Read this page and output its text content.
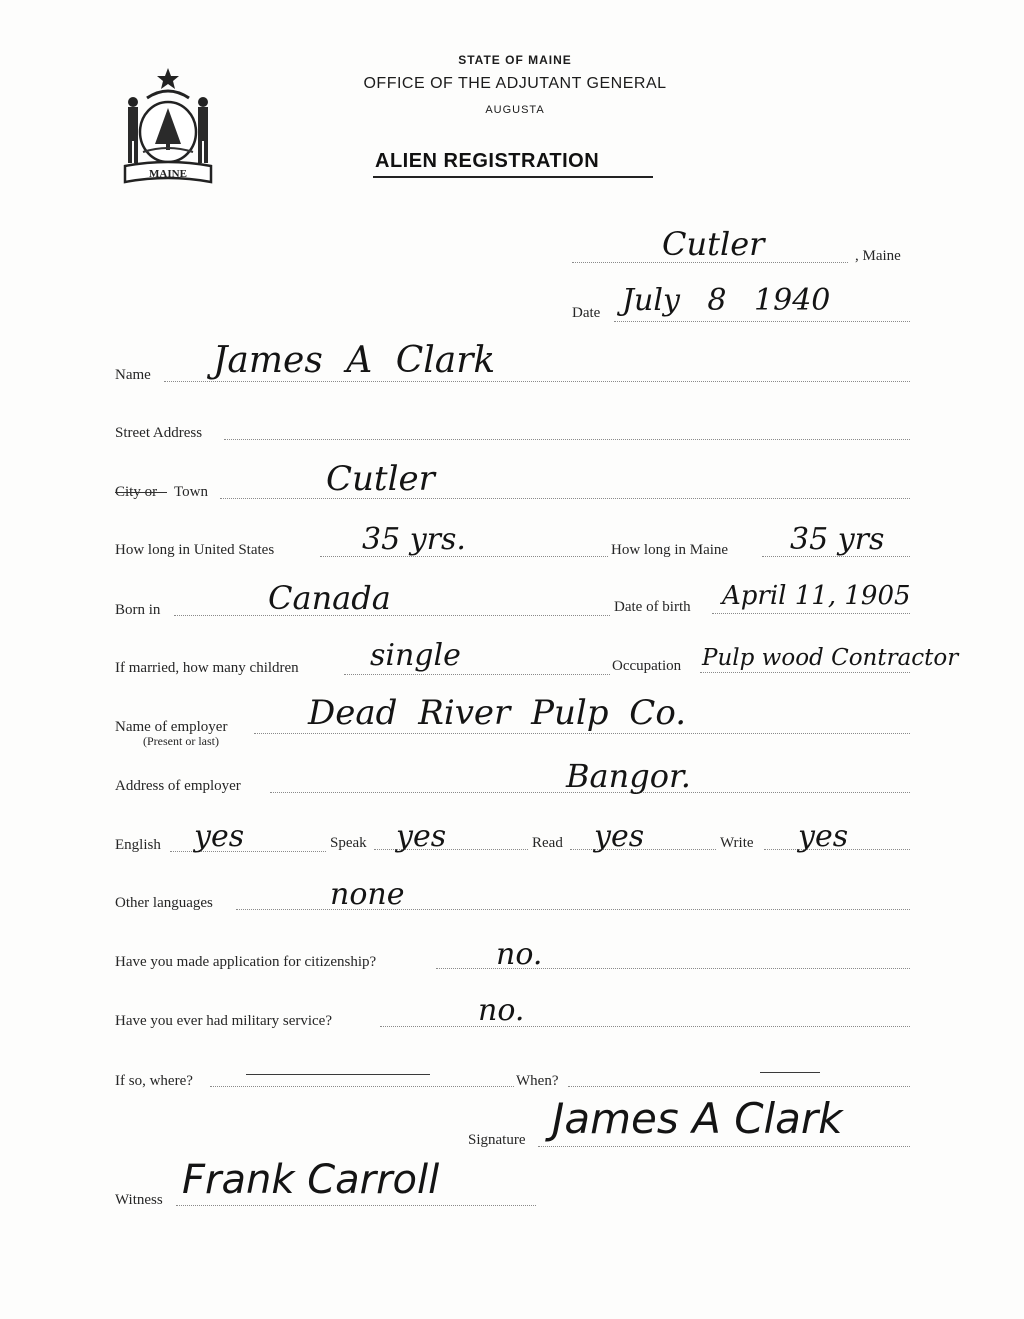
MAINE
STATE OF MAINE
OFFICE OF THE ADJUTANT GENERAL
AUGUSTA
ALIEN REGISTRATION
Cutler	, Maine
Date July 8 1940
Name James A Clark
Street Address
City or Town	Cutler
How long in United States	35 yrs.	How long in Maine 35 yrs
Born in	Canada	Date of birth April 11, 1905
If married, how many children single	Occupation Pulp wood Contractor
Name of employer
(Present or last)
Dead River Pulp Co.
Address of employer	Bangor.
English yes	Speak yes	Read yes	Write yes
Other languages	none
Have you made application for citizenship?	no.
Have you ever had military service?	no.
If so, where?	When?
Signature James A Clark
Witness Frank Carroll
